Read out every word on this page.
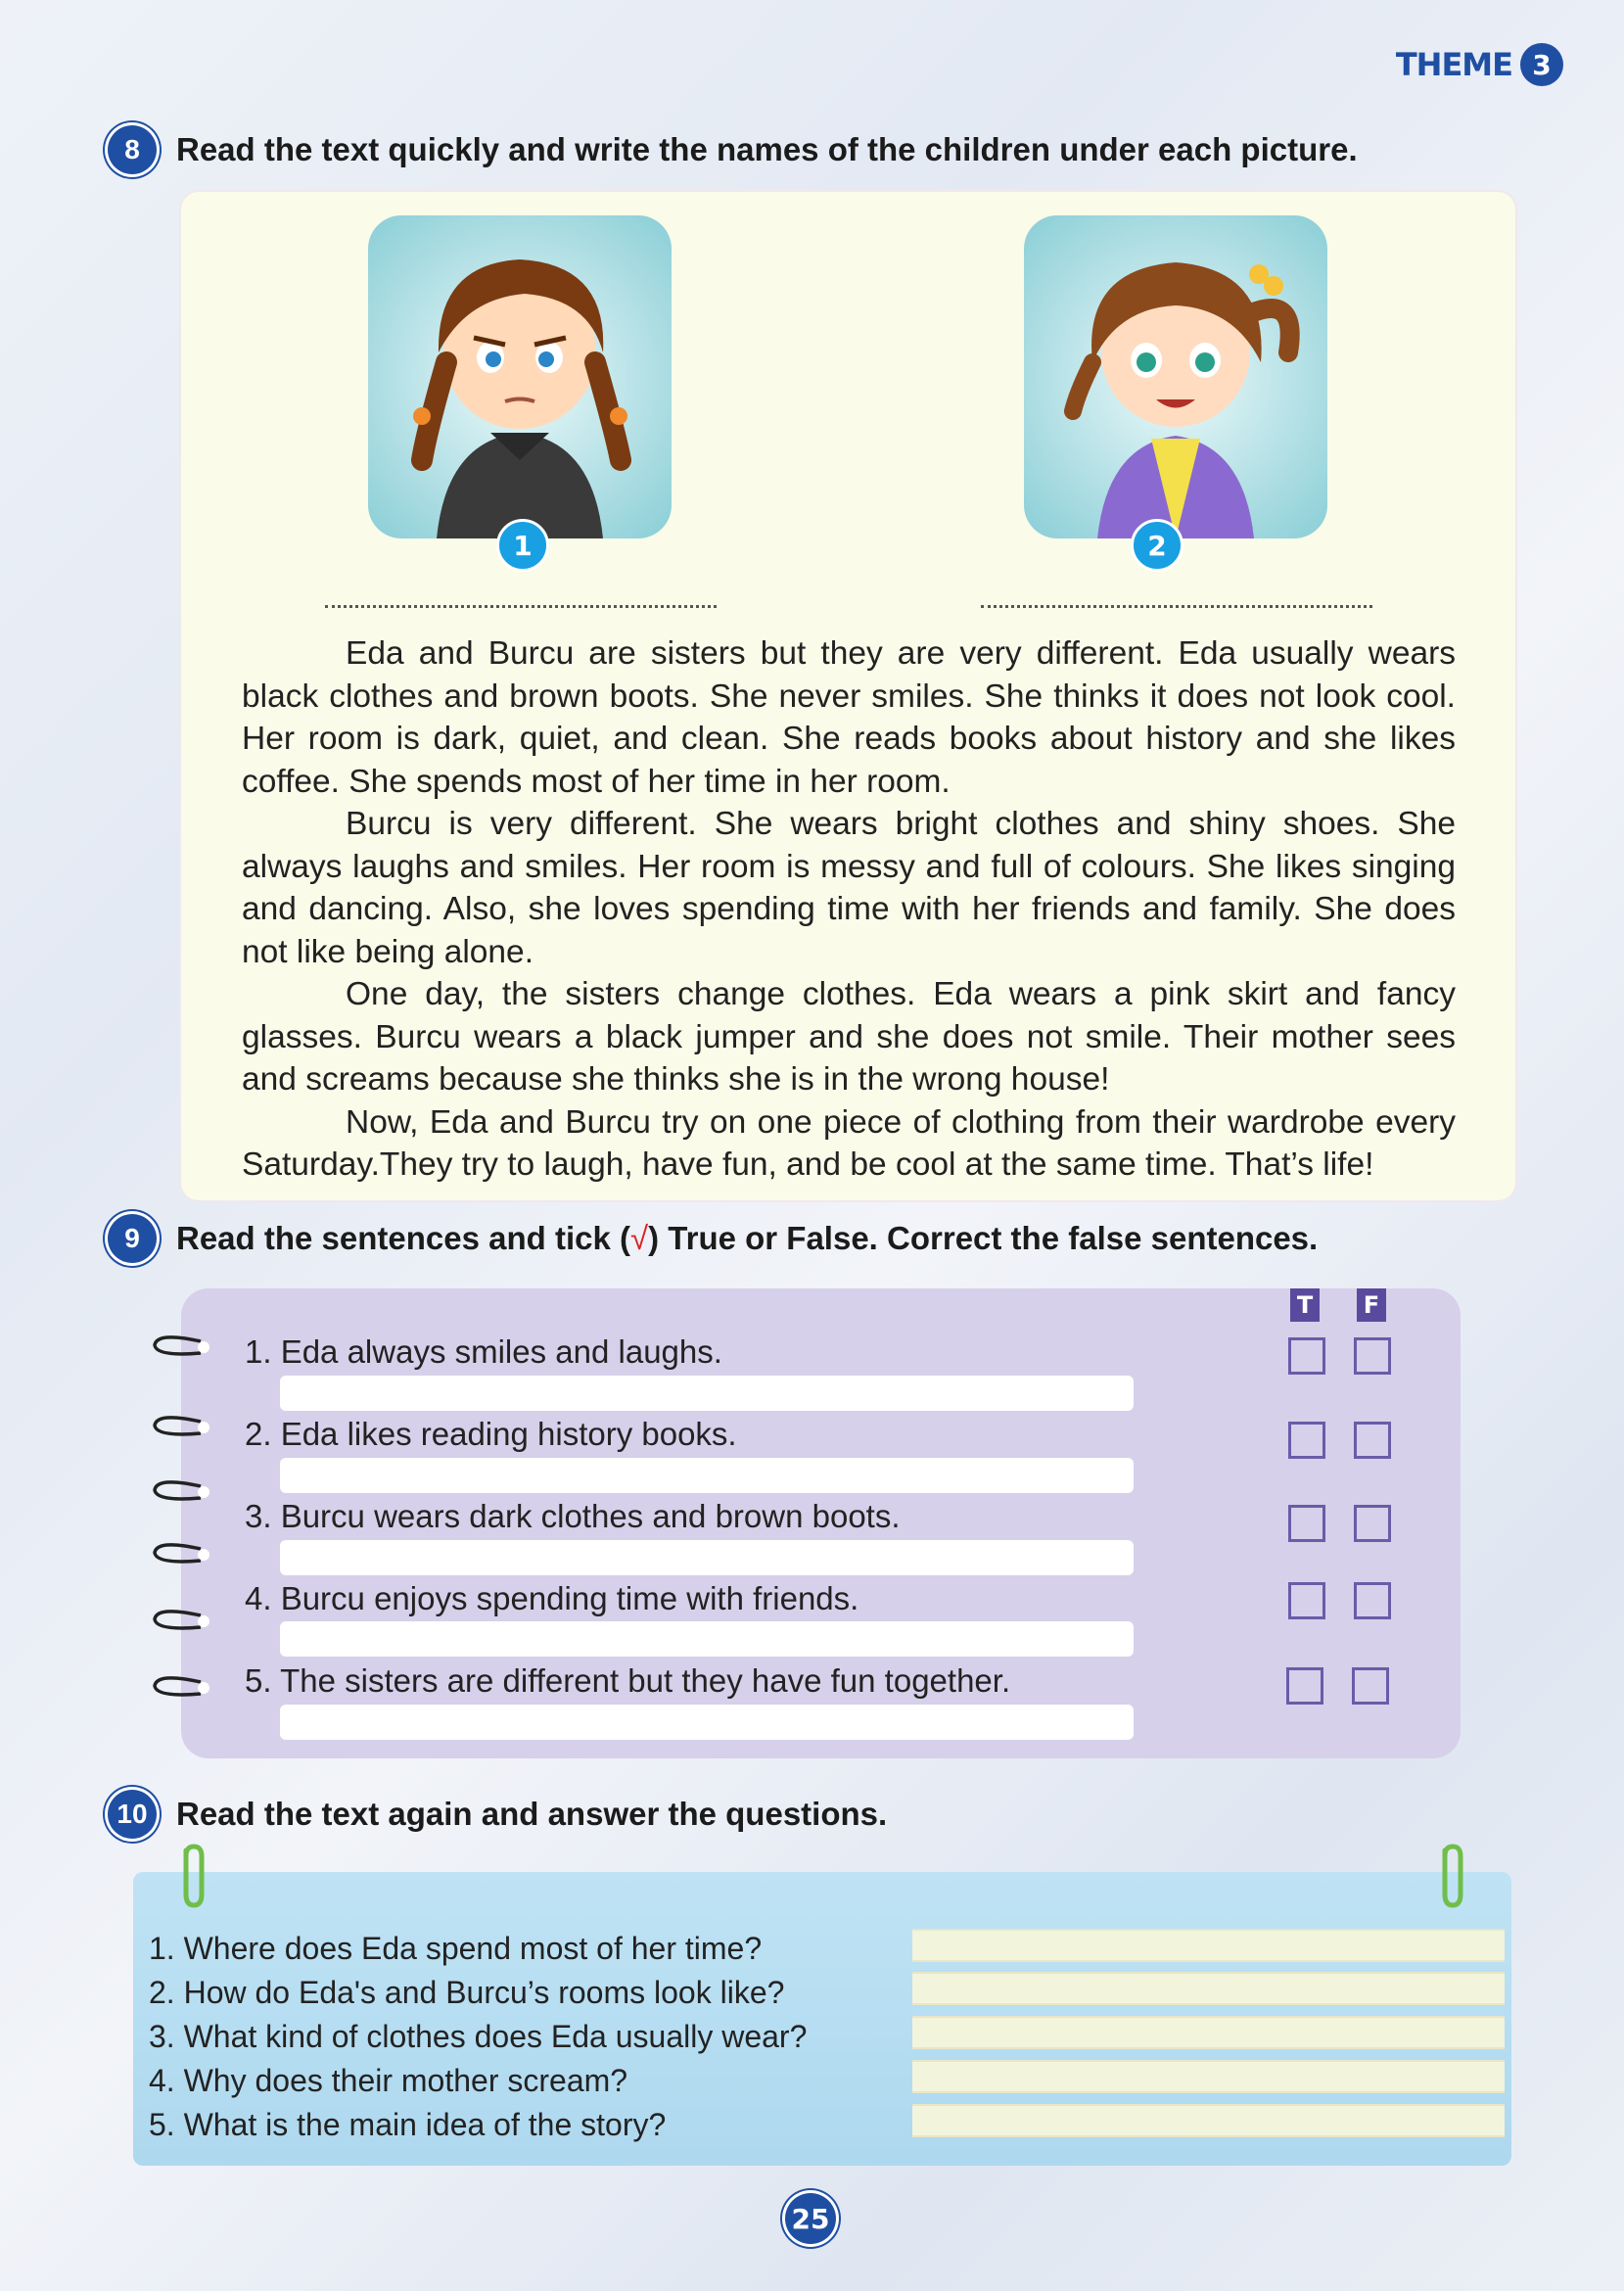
THEME 3
8	Read the text quickly and write the names of the children under each picture.
1	2

Eda and Burcu are sisters but they are very different. Eda usually wears black clothes and brown boots. She never smiles. She thinks it does not look cool. Her room is dark, quiet, and clean. She reads books about history and she likes coffee. She spends most of her time in her room.

Burcu is very different. She wears bright clothes and shiny shoes. She always laughs and smiles. Her room is messy and full of colours. She likes singing and dancing. Also, she loves spending time with her friends and family. She does not like being alone.

One day, the sisters change clothes. Eda wears a pink skirt and fancy glasses. Burcu wears a black jumper and she does not smile. Their mother sees and screams because she thinks she is in the wrong house!

Now, Eda and Burcu try on one piece of clothing from their wardrobe every Saturday.They try to laugh, have fun, and be cool at the same time. That’s life!

9	Read the sentences and tick (√) True or False. Correct the false sentences.
T F
1. Eda always smiles and laughs.
2. Eda likes reading history books.
3. Burcu wears dark clothes and brown boots.
4. Burcu enjoys spending time with friends.
5. The sisters are different but they have fun together.
10 Read the text again and answer the questions.
1. Where does Eda spend most of her time?
2. How do Eda's and Burcu’s rooms look like?
3. What kind of clothes does Eda usually wear?
4. Why does their mother scream?
5. What is the main idea of the story?
25
